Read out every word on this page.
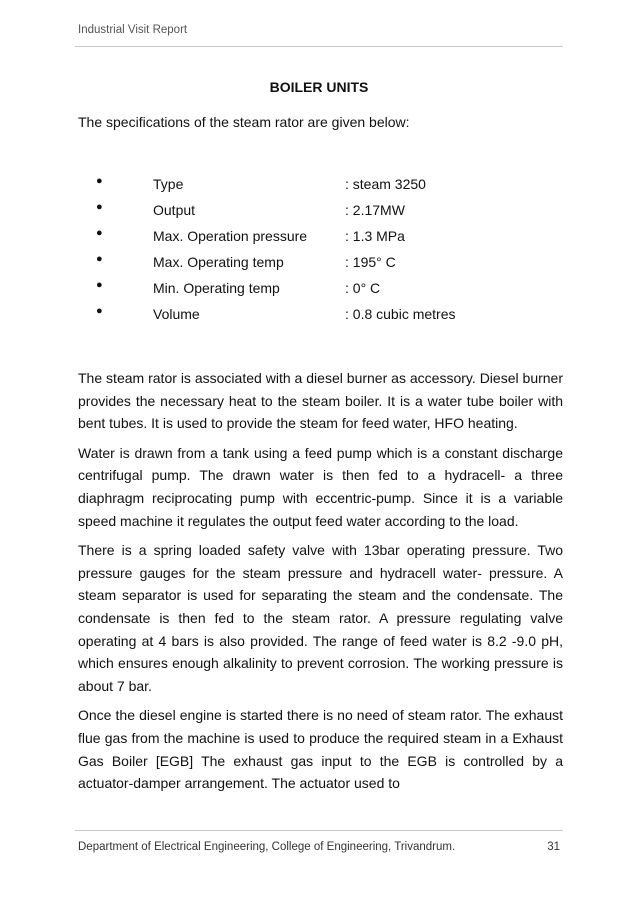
Industrial Visit Report
BOILER UNITS
The specifications of the steam rator are given below:
●	Type	: steam 3250
●	Output	: 2.17MW
●	Max. Operation pressure	: 1.3 MPa
●	Max. Operating temp	: 195° C
●	Min. Operating temp	: 0° C
●	Volume	: 0.8 cubic metres

The steam rator is associated with a diesel burner as accessory. Diesel burner provides the necessary heat to the steam boiler. It is a water tube boiler with bent tubes. It is used to provide the steam for feed water, HFO heating.

Water is drawn from a tank using a feed pump which is a constant discharge centrifugal pump. The drawn water is then fed to a hydracell- a three diaphragm reciprocating pump with eccentric-pump. Since it is a variable speed machine it regulates the output feed water according to the load.

There is a spring loaded safety valve with 13bar operating pressure. Two pressure gauges for the steam pressure and hydracell water- pressure. A steam separator is used for separating the steam and the condensate. The condensate is then fed to the steam rator. A pressure regulating valve operating at 4 bars is also provided. The range of feed water is 8.2 -9.0 pH, which ensures enough alkalinity to prevent corrosion. The working pressure is about 7 bar.

Once the diesel engine is started there is no need of steam rator. The exhaust flue gas from the machine is used to produce the required steam in a Exhaust Gas Boiler [EGB] The exhaust gas input to the EGB is controlled by a actuator-damper arrangement. The actuator used to

Department of Electrical Engineering, College of Engineering, Trivandrum.	31
